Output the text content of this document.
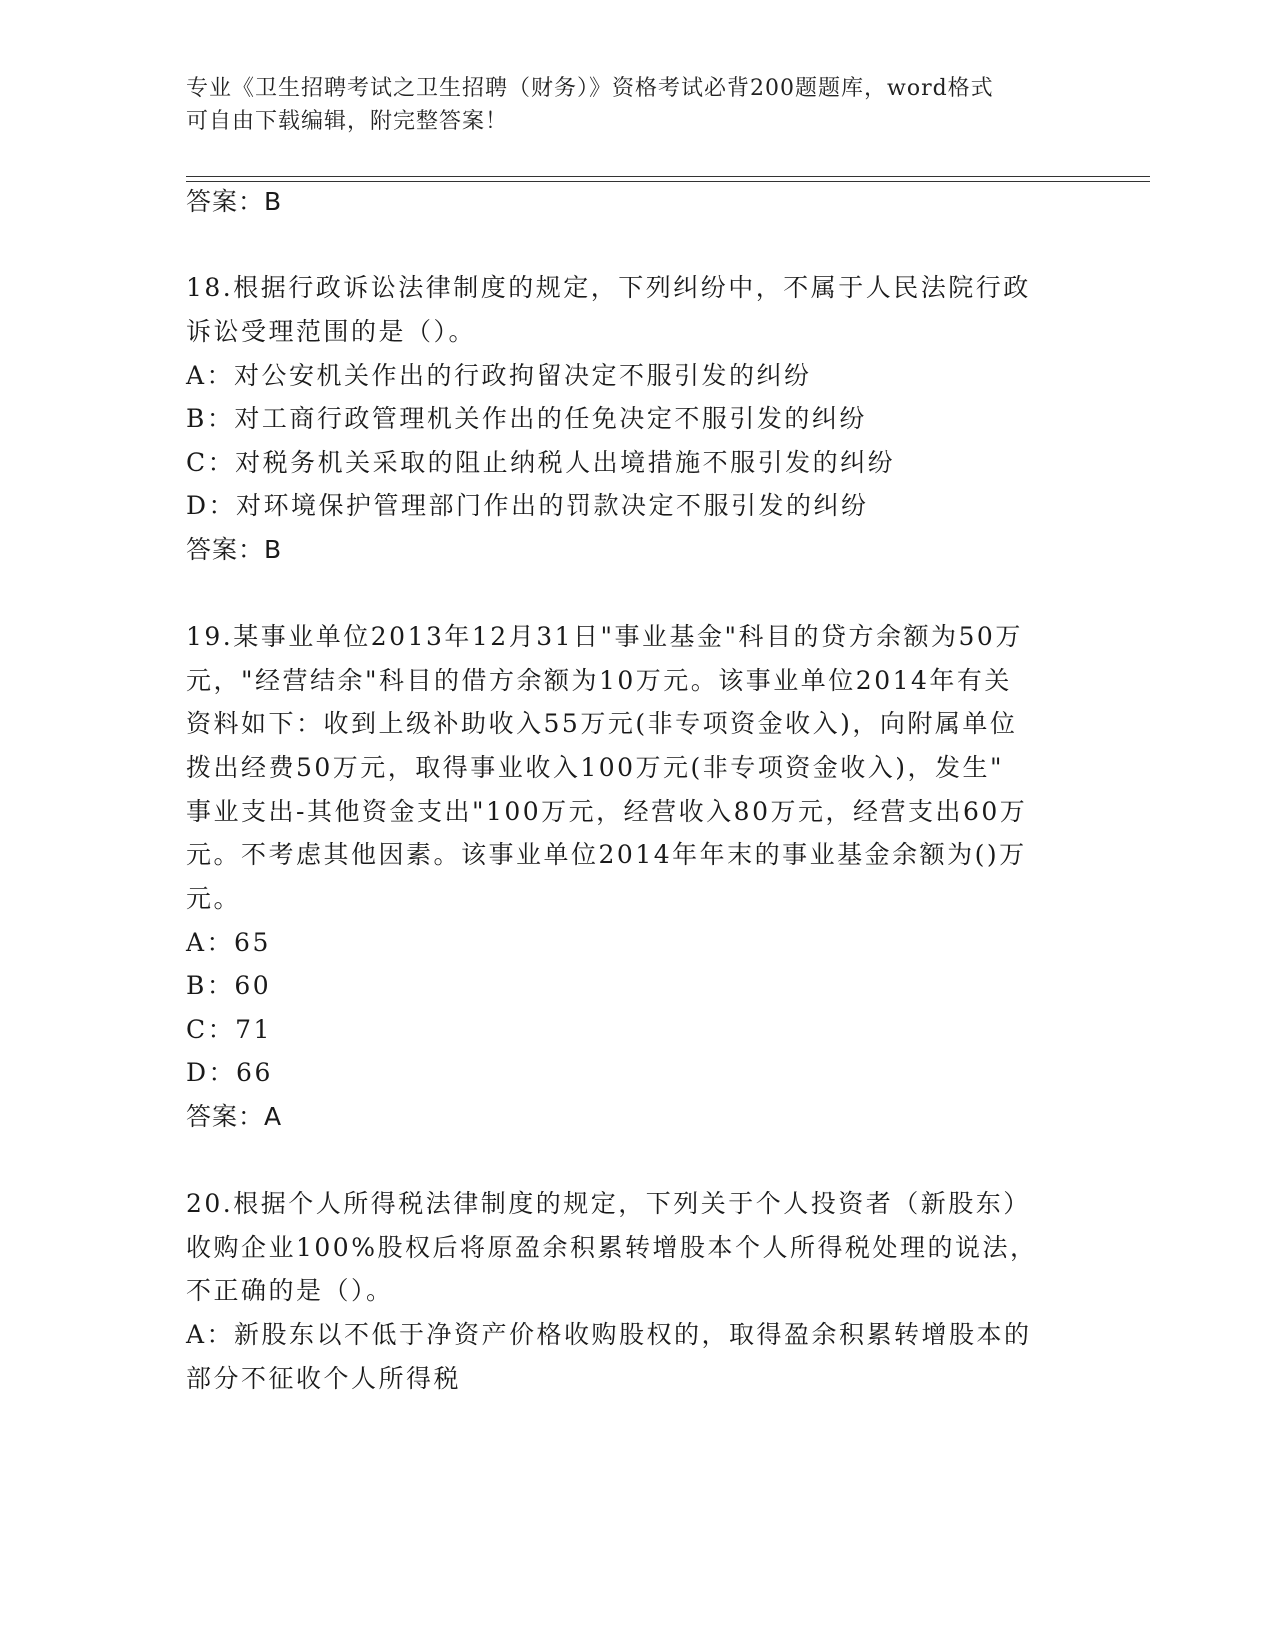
专业《卫生招聘考试之卫生招聘（财务）》资格考试必背200题题库，word格式
可自由下载编辑，附完整答案！
答案：B
18.根据行政诉讼法律制度的规定，下列纠纷中，不属于人民法院行政
诉讼受理范围的是（）。
A：对公安机关作出的行政拘留决定不服引发的纠纷
B：对工商行政管理机关作出的任免决定不服引发的纠纷
C：对税务机关采取的阻止纳税人出境措施不服引发的纠纷
D：对环境保护管理部门作出的罚款决定不服引发的纠纷
答案：B
19.某事业单位2013年12月31日"事业基金"科目的贷方余额为50万
元，"经营结余"科目的借方余额为10万元。该事业单位2014年有关
资料如下：收到上级补助收入55万元(非专项资金收入)，向附属单位
拨出经费50万元，取得事业收入100万元(非专项资金收入)，发生"
事业支出-其他资金支出"100万元，经营收入80万元，经营支出60万
元。不考虑其他因素。该事业单位2014年年末的事业基金余额为()万
元。
A：65
B：60
C：71
D：66
答案：A
20.根据个人所得税法律制度的规定，下列关于个人投资者（新股东）
收购企业100%股权后将原盈余积累转增股本个人所得税处理的说法，
不正确的是（）。
A：新股东以不低于净资产价格收购股权的，取得盈余积累转增股本的
部分不征收个人所得税
